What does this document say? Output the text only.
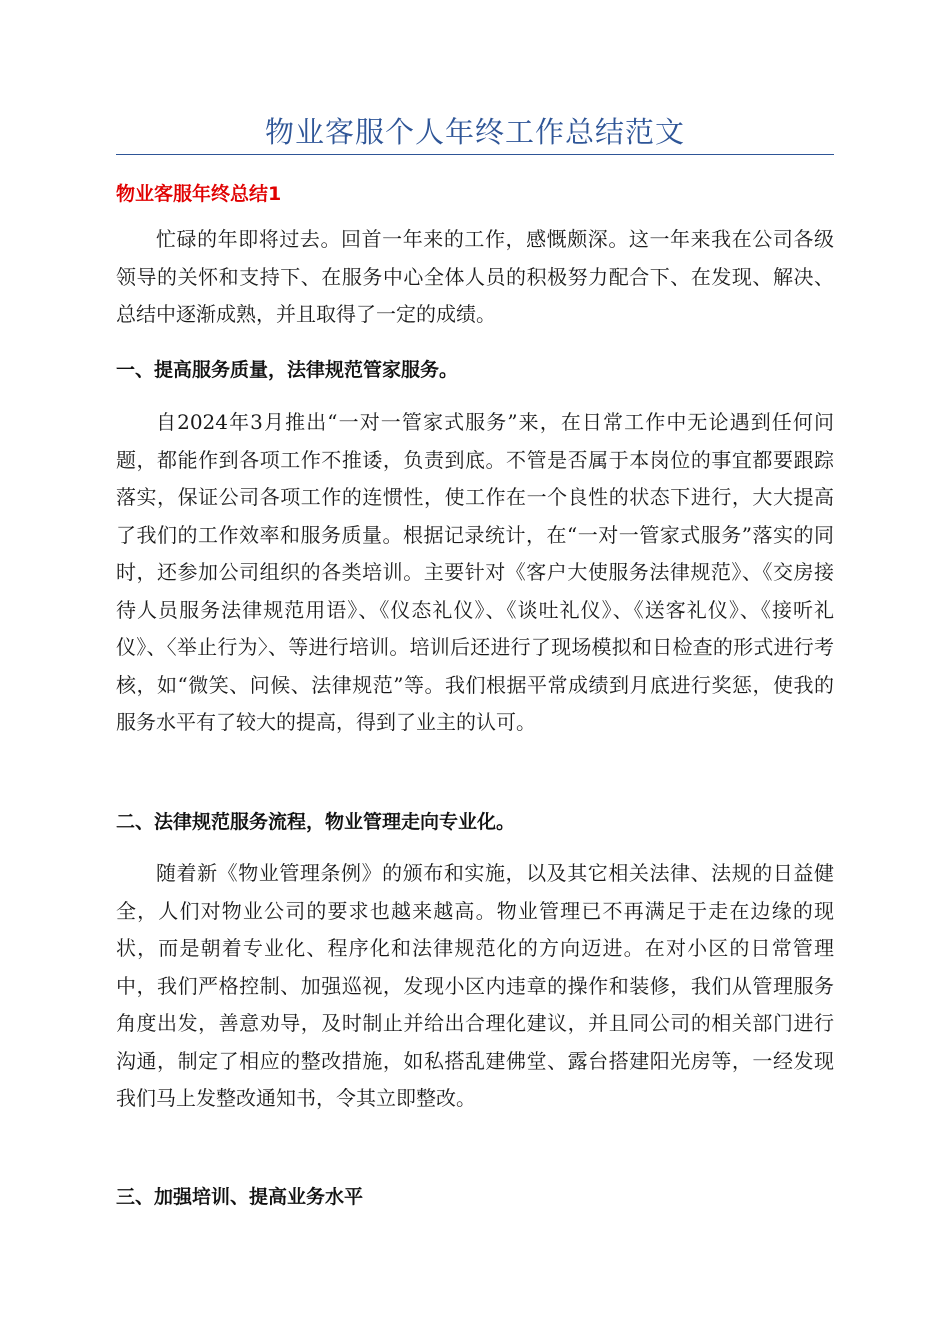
物业客服个人年终工作总结范文
物业客服年终总结1

忙碌的年即将过去。回首一年来的工作，感慨颇深。这一年来我在公司各级领导的关怀和支持下、在服务中心全体人员的积极努力配合下、在发现、解决、总结中逐渐成熟，并且取得了一定的成绩。

一、提高服务质量，法律规范管家服务。

自2024年3月推出“一对一管家式服务”来，在日常工作中无论遇到任何问题，都能作到各项工作不推诿，负责到底。不管是否属于本岗位的事宜都要跟踪落实，保证公司各项工作的连惯性，使工作在一个良性的状态下进行，大大提高了我们的工作效率和服务质量。根据记录统计，在“一对一管家式服务”落实的同时，还参加公司组织的各类培训。主要针对《客户大使服务法律规范》、《交房接待人员服务法律规范用语》、《仪态礼仪》、《谈吐礼仪》、《送客礼仪》、《接听礼仪》、〈举止行为〉、等进行培训。培训后还进行了现场模拟和日检查的形式进行考核，如“微笑、问候、法律规范”等。我们根据平常成绩到月底进行奖惩，使我的服务水平有了较大的提高，得到了业主的认可。

二、法律规范服务流程，物业管理走向专业化。

随着新《物业管理条例》的颁布和实施，以及其它相关法律、法规的日益健全，人们对物业公司的要求也越来越高。物业管理已不再满足于走在边缘的现状，而是朝着专业化、程序化和法律规范化的方向迈进。在对小区的日常管理中，我们严格控制、加强巡视，发现小区内违章的操作和装修，我们从管理服务角度出发，善意劝导，及时制止并给出合理化建议，并且同公司的相关部门进行沟通，制定了相应的整改措施，如私搭乱建佛堂、露台搭建阳光房等，一经发现我们马上发整改通知书，令其立即整改。

三、加强培训、提高业务水平
